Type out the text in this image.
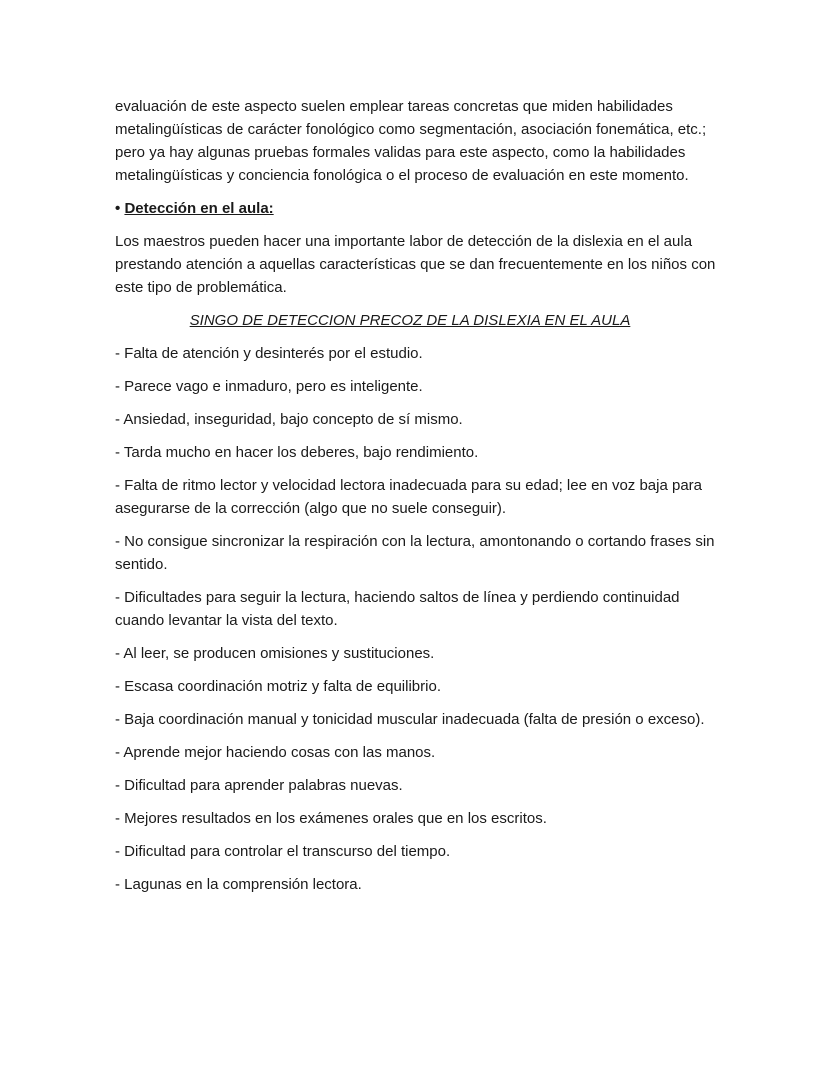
evaluación de este aspecto suelen emplear tareas concretas que miden habilidades metalingüísticas de carácter fonológico como segmentación, asociación fonemática, etc.; pero ya hay algunas pruebas formales validas para este aspecto, como la habilidades metalingüísticas y conciencia fonológica o el proceso de evaluación en este momento.

• Detección en el aula:

Los maestros pueden hacer una importante labor de detección de la dislexia en el aula prestando atención a aquellas características que se dan frecuentemente en los niños con este tipo de problemática.

SINGO DE DETECCION PRECOZ DE LA DISLEXIA EN EL AULA

- Falta de atención y desinterés por el estudio.

- Parece vago e inmaduro, pero es inteligente.

- Ansiedad, inseguridad, bajo concepto de sí mismo.

- Tarda mucho en hacer los deberes, bajo rendimiento.

- Falta de ritmo lector y velocidad lectora inadecuada para su edad; lee en voz baja para asegurarse de la corrección (algo que no suele conseguir).

- No consigue sincronizar la respiración con la lectura, amontonando o cortando frases sin sentido.

- Dificultades para seguir la lectura, haciendo saltos de línea y perdiendo continuidad cuando levantar la vista del texto.

- Al leer, se producen omisiones y sustituciones.

- Escasa coordinación motriz y falta de equilibrio.

- Baja coordinación manual y tonicidad muscular inadecuada (falta de presión o exceso).

- Aprende mejor haciendo cosas con las manos.

- Dificultad para aprender palabras nuevas.

- Mejores resultados en los exámenes orales que en los escritos.

- Dificultad para controlar el transcurso del tiempo.

- Lagunas en la comprensión lectora.
